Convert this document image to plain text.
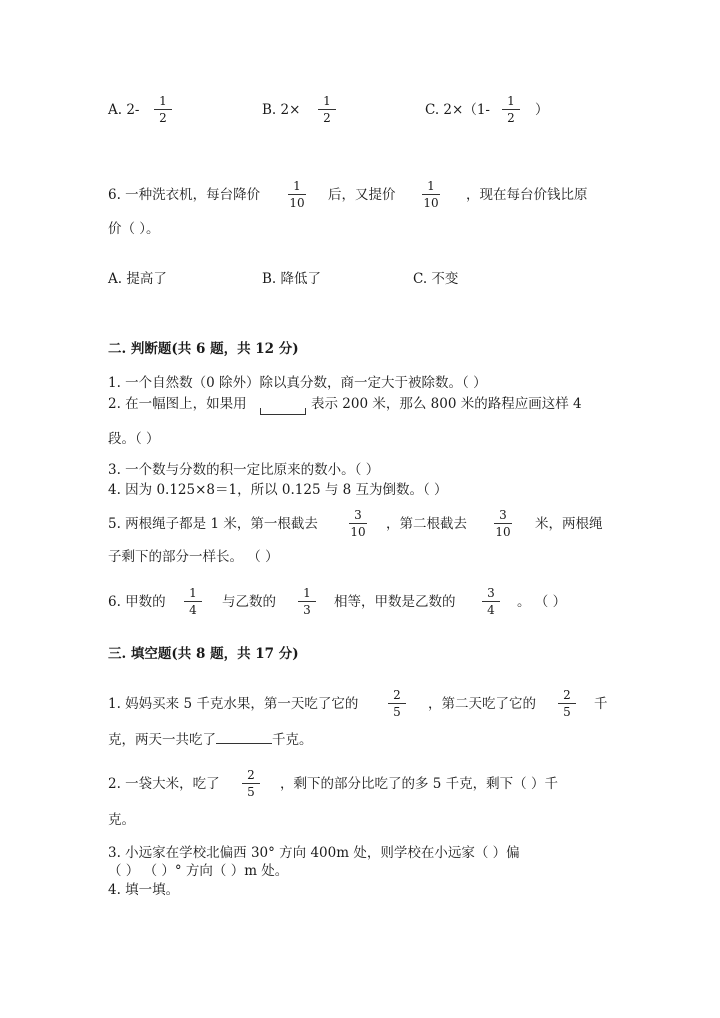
A. 2-
1
2	B. 2×
1
2	C. 2×（1-
1
2	）
6. 一种洗衣机，每台降价
1
10 后，又提价
1
10 ，现在每台价钱比原
价（ ）。
A. 提高了	B. 降低了	C. 不变
二. 判断题(共 6 题，共 12 分)
1. 一个自然数（0 除外）除以真分数，商一定大于被除数。（ ）
2. 在一幅图上，如果用	表示 200 米，那么 800 米的路程应画这样 4
段。（ ）
3. 一个数与分数的积一定比原来的数小。（ ）
4. 因为 0.125×8＝1，所以 0.125 与 8 互为倒数。（ ）
5. 两根绳子都是 1 米，第一根截去
3
10 ，第二根截去
3
10 米，两根绳
子剩下的部分一样长。 （ ）
6. 甲数的
1
4	与乙数的
1
3	相等，甲数是乙数的
3
4	。 （ ）
三. 填空题(共 8 题，共 17 分)
1. 妈妈买来 5 千克水果，第一天吃了它的
2
5	，第二天吃了它的
2
5	千
克，两天一共吃了	千克。
2. 一袋大米，吃了
2
5	，剩下的部分比吃了的多 5 千克，剩下（ ）千
克。
3. 小远家在学校北偏西 30° 方向 400m 处，则学校在小远家（ ）偏
（ ） （ ）° 方向（ ）m 处。
4. 填一填。
